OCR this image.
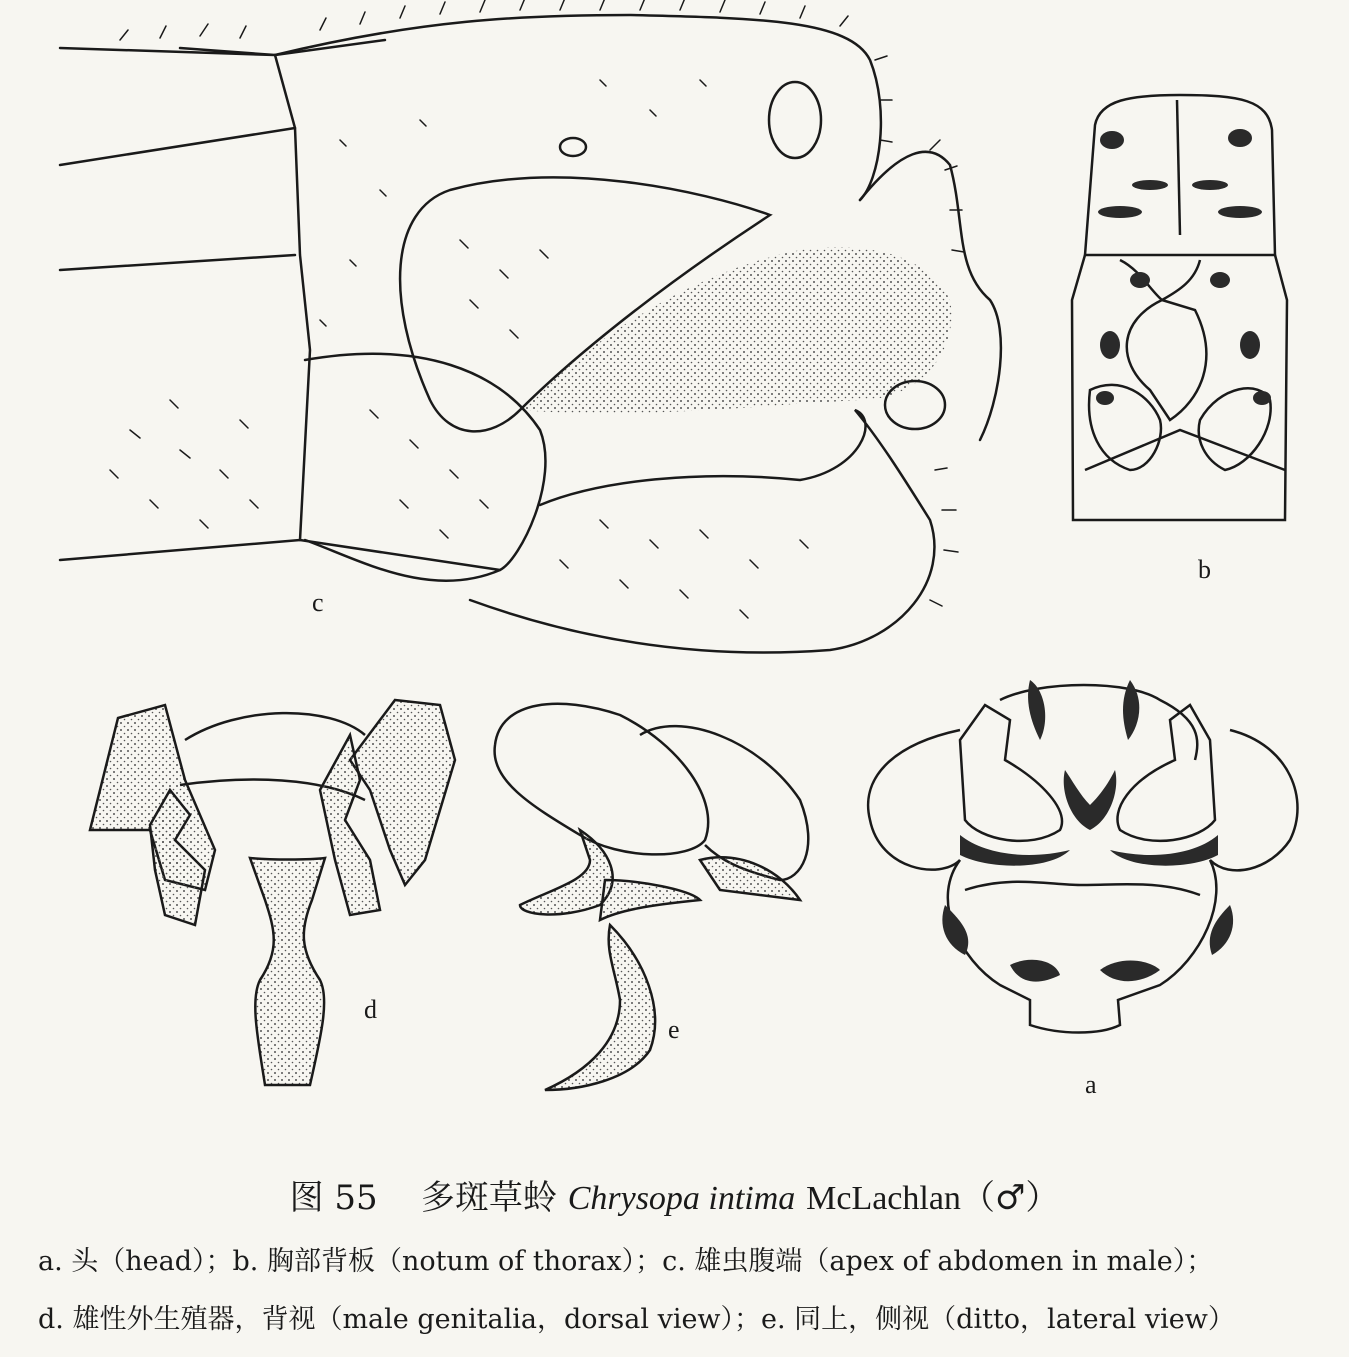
c
b
d
e
a
图 55 多斑草蛉 Chrysopa intima McLachlan（♂）
a. 头（head）；b. 胸部背板（notum of thorax）；c. 雄虫腹端（apex of abdomen in male）；
d. 雄性外生殖器，背视（male genitalia，dorsal view）；e. 同上，侧视（ditto，lateral view）
